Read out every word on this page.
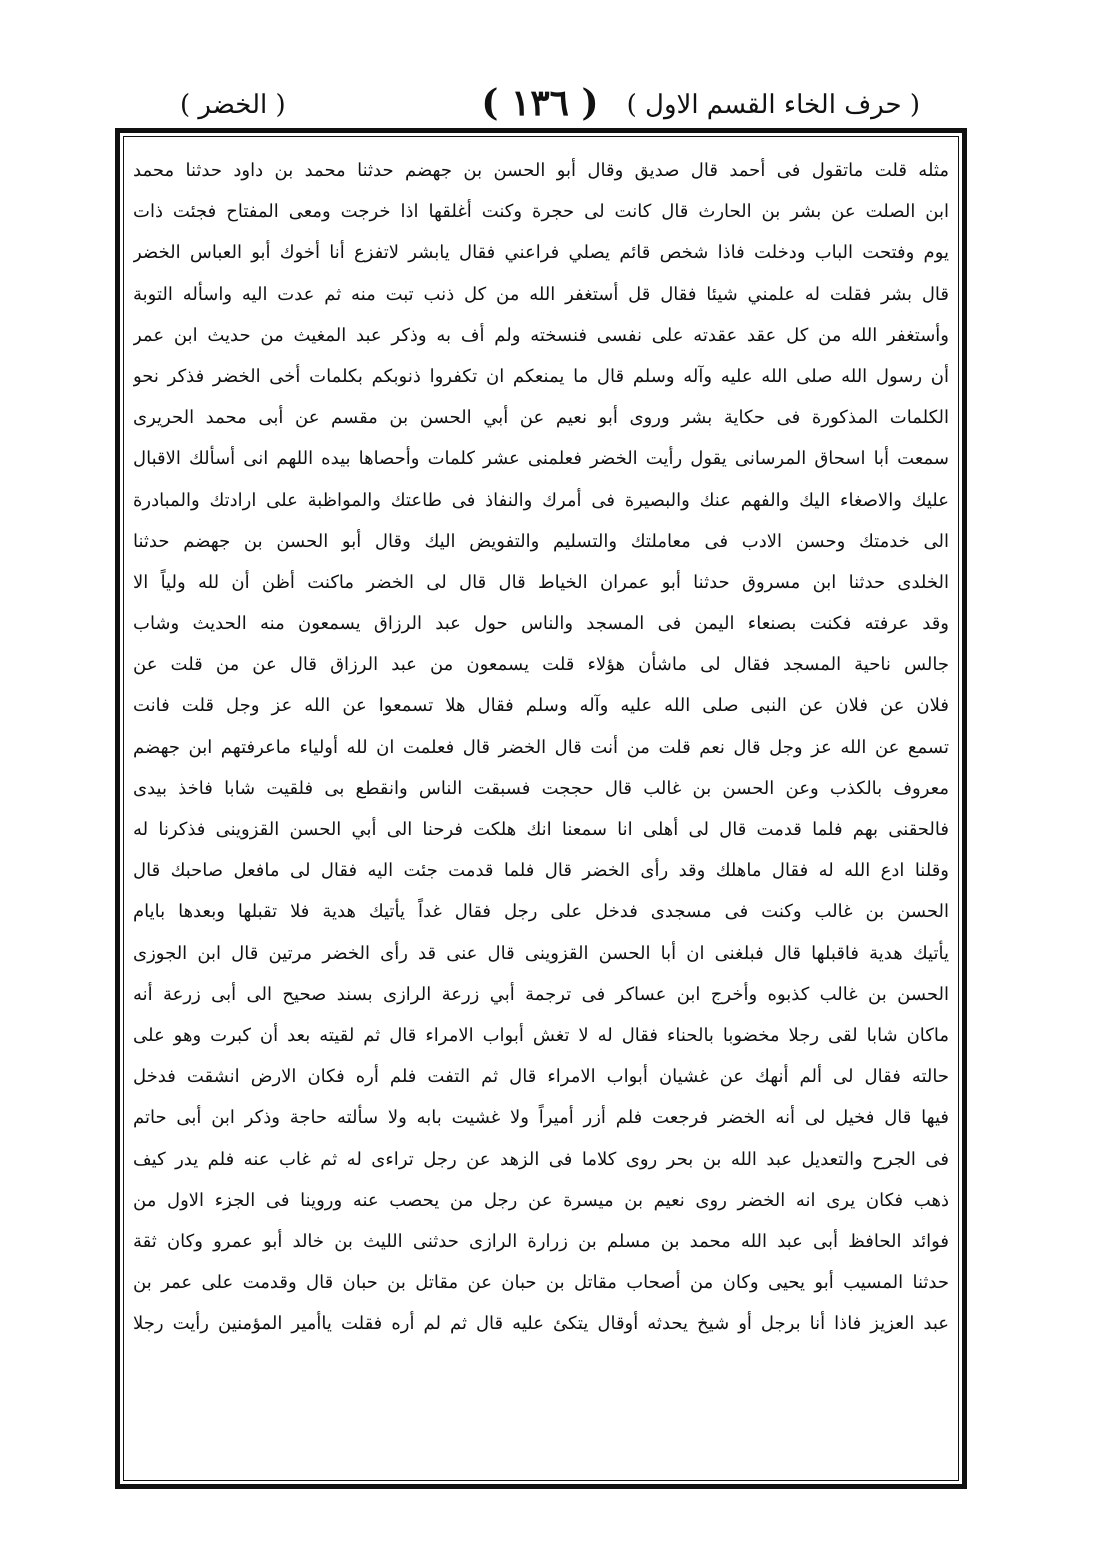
( حرف الخاء القسم الاول )
( ١٣٦ )
( الخضر )
مثله قلت ماتقول فى أحمد قال صديق وقال أبو الحسن بن جهضم حدثنا محمد بن داود حدثنا محمد
ابن الصلت عن بشر بن الحارث قال كانت لى حجرة وكنت أغلقها اذا خرجت ومعى المفتاح فجئت ذات
يوم وفتحت الباب ودخلت فاذا شخص قائم يصلي فراعني فقال يابشر لاتفزع أنا أخوك أبو العباس الخضر
قال بشر فقلت له علمني شيئا فقال قل أستغفر الله من كل ذنب تبت منه ثم عدت اليه واسأله التوبة
وأستغفر الله من كل عقد عقدته على نفسى فنسخته ولم أف به وذكر عبد المغيث من حديث ابن عمر
أن رسول الله صلى الله عليه وآله وسلم قال ما يمنعكم ان تكفروا ذنوبكم بكلمات أخى الخضر فذكر نحو
الكلمات المذكورة فى حكاية بشر وروى أبو نعيم عن أبي الحسن بن مقسم عن أبى محمد الحريرى
سمعت أبا اسحاق المرسانى يقول رأيت الخضر فعلمنى عشر كلمات وأحصاها بيده اللهم انى أسألك الاقبال
عليك والاصغاء اليك والفهم عنك والبصيرة فى أمرك والنفاذ فى طاعتك والمواظبة على ارادتك والمبادرة
الى خدمتك وحسن الادب فى معاملتك والتسليم والتفويض اليك وقال أبو الحسن بن جهضم حدثنا
الخلدى حدثنا ابن مسروق حدثنا أبو عمران الخياط قال قال لى الخضر ماكنت أظن أن لله ولياً الا
وقد عرفته فكنت بصنعاء اليمن فى المسجد والناس حول عبد الرزاق يسمعون منه الحديث وشاب
جالس ناحية المسجد فقال لى ماشأن هؤلاء قلت يسمعون من عبد الرزاق قال عن من قلت عن
فلان عن فلان عن النبى صلى الله عليه وآله وسلم فقال هلا تسمعوا عن الله عز وجل قلت فانت
تسمع عن الله عز وجل قال نعم قلت من أنت قال الخضر قال فعلمت ان لله أولياء ماعرفتهم ابن جهضم
معروف بالكذب وعن الحسن بن غالب قال حججت فسبقت الناس وانقطع بى فلقيت شابا فاخذ بيدى
فالحقنى بهم فلما قدمت قال لى أهلى انا سمعنا انك هلكت فرحنا الى أبي الحسن القزوينى فذكرنا له
وقلنا ادع الله له فقال ماهلك وقد رأى الخضر قال فلما قدمت جئت اليه فقال لى مافعل صاحبك قال
الحسن بن غالب وكنت فى مسجدى فدخل على رجل فقال غداً يأتيك هدية فلا تقبلها وبعدها بايام
يأتيك هدية فاقبلها قال فبلغنى ان أبا الحسن القزوينى قال عنى قد رأى الخضر مرتين قال ابن الجوزى
الحسن بن غالب كذبوه وأخرج ابن عساكر فى ترجمة أبي زرعة الرازى بسند صحيح الى أبى زرعة أنه
ماكان شابا لقى رجلا مخضوبا بالحناء فقال له لا تغش أبواب الامراء قال ثم لقيته بعد أن كبرت وهو على
حالته فقال لى ألم أنهك عن غشيان أبواب الامراء قال ثم التفت فلم أره فكان الارض انشقت فدخل
فيها قال فخيل لى أنه الخضر فرجعت فلم أزر أميراً ولا غشيت بابه ولا سألته حاجة وذكر ابن أبى حاتم
فى الجرح والتعديل عبد الله بن بحر روى كلاما فى الزهد عن رجل تراءى له ثم غاب عنه فلم يدر كيف
ذهب فكان يرى انه الخضر روى نعيم بن ميسرة عن رجل من يحصب عنه وروينا فى الجزء الاول من
فوائد الحافظ أبى عبد الله محمد بن مسلم بن زرارة الرازى حدثنى الليث بن خالد أبو عمرو وكان ثقة
حدثنا المسيب أبو يحيى وكان من أصحاب مقاتل بن حبان عن مقاتل بن حبان قال وقدمت على عمر بن
عبد العزيز فاذا أنا برجل أو شيخ يحدثه أوقال يتكئ عليه قال ثم لم أره فقلت ياأمير المؤمنين رأيت رجلا
